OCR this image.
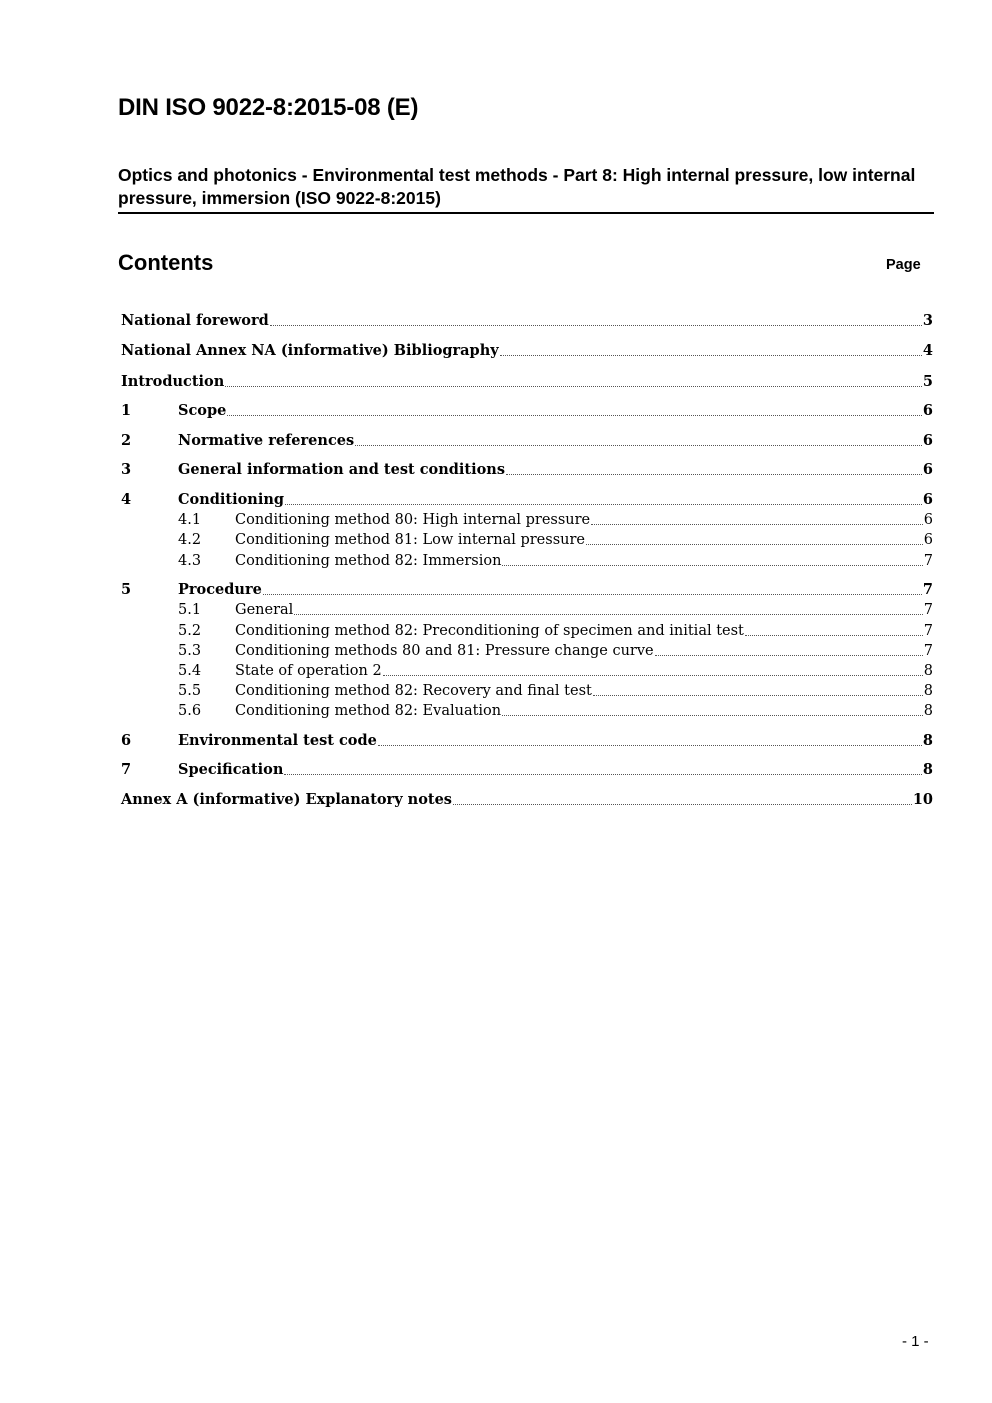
DIN ISO 9022-8:2015-08 (E)
Optics and photonics - Environmental test methods - Part 8: High internal pressure, low internal pressure, immersion (ISO 9022-8:2015)
Contents	Page
National foreword	3
National Annex NA (informative) Bibliography	4
Introduction	5
1	Scope	6
2	Normative references	6
3	General information and test conditions	6
4	Conditioning	6
4.1	Conditioning method 80: High internal pressure	6
4.2	Conditioning method 81: Low internal pressure	6
4.3	Conditioning method 82: Immersion	7
5	Procedure	7
5.1	General	7
5.2	Conditioning method 82: Preconditioning of specimen and initial test	7
5.3	Conditioning methods 80 and 81: Pressure change curve	7
5.4	State of operation 2	8
5.5	Conditioning method 82: Recovery and final test	8
5.6	Conditioning method 82: Evaluation	8
6	Environmental test code	8
7	Specification	8
Annex A (informative) Explanatory notes	10
- 1 -
